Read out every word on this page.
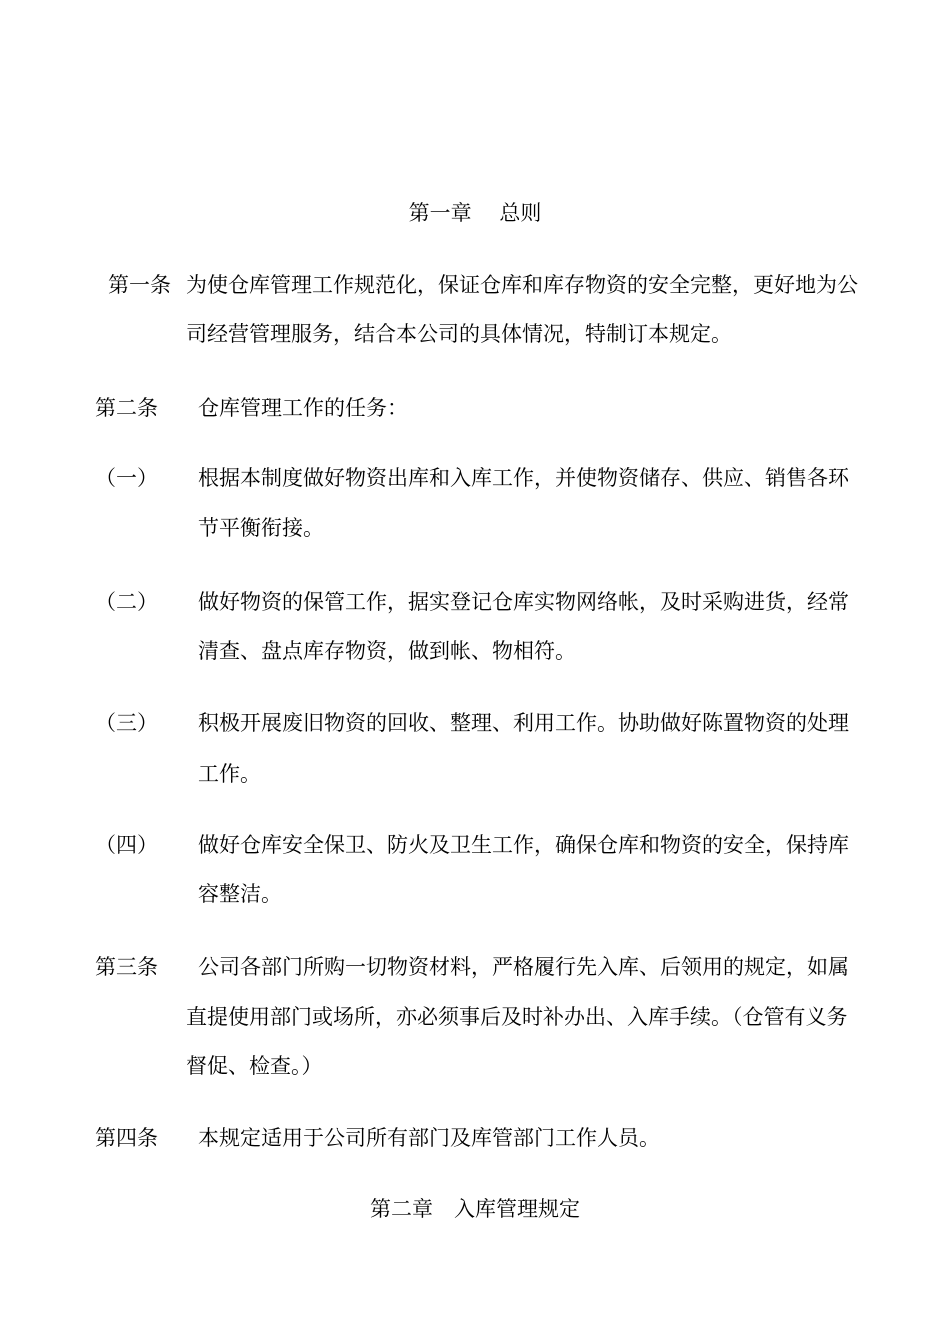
第一章　 总则
第一条 为使仓库管理工作规范化，保证仓库和库存物资的安全完整，更好地为公
司经营管理服务，结合本公司的具体情况，特制订本规定。
第二条 仓库管理工作的任务：
（一） 根据本制度做好物资出库和入库工作，并使物资储存、供应、销售各环
节平衡衔接。
（二） 做好物资的保管工作，据实登记仓库实物网络帐，及时采购进货，经常
清查、盘点库存物资，做到帐、物相符。
（三） 积极开展废旧物资的回收、整理、利用工作。协助做好陈置物资的处理
工作。
（四） 做好仓库安全保卫、防火及卫生工作，确保仓库和物资的安全，保持库
容整洁。
第三条 公司各部门所购一切物资材料，严格履行先入库、后领用的规定，如属
直提使用部门或场所，亦必须事后及时补办出、入库手续。（仓管有义务
督促、检查。）
第四条 本规定适用于公司所有部门及库管部门工作人员。
第二章　入库管理规定
